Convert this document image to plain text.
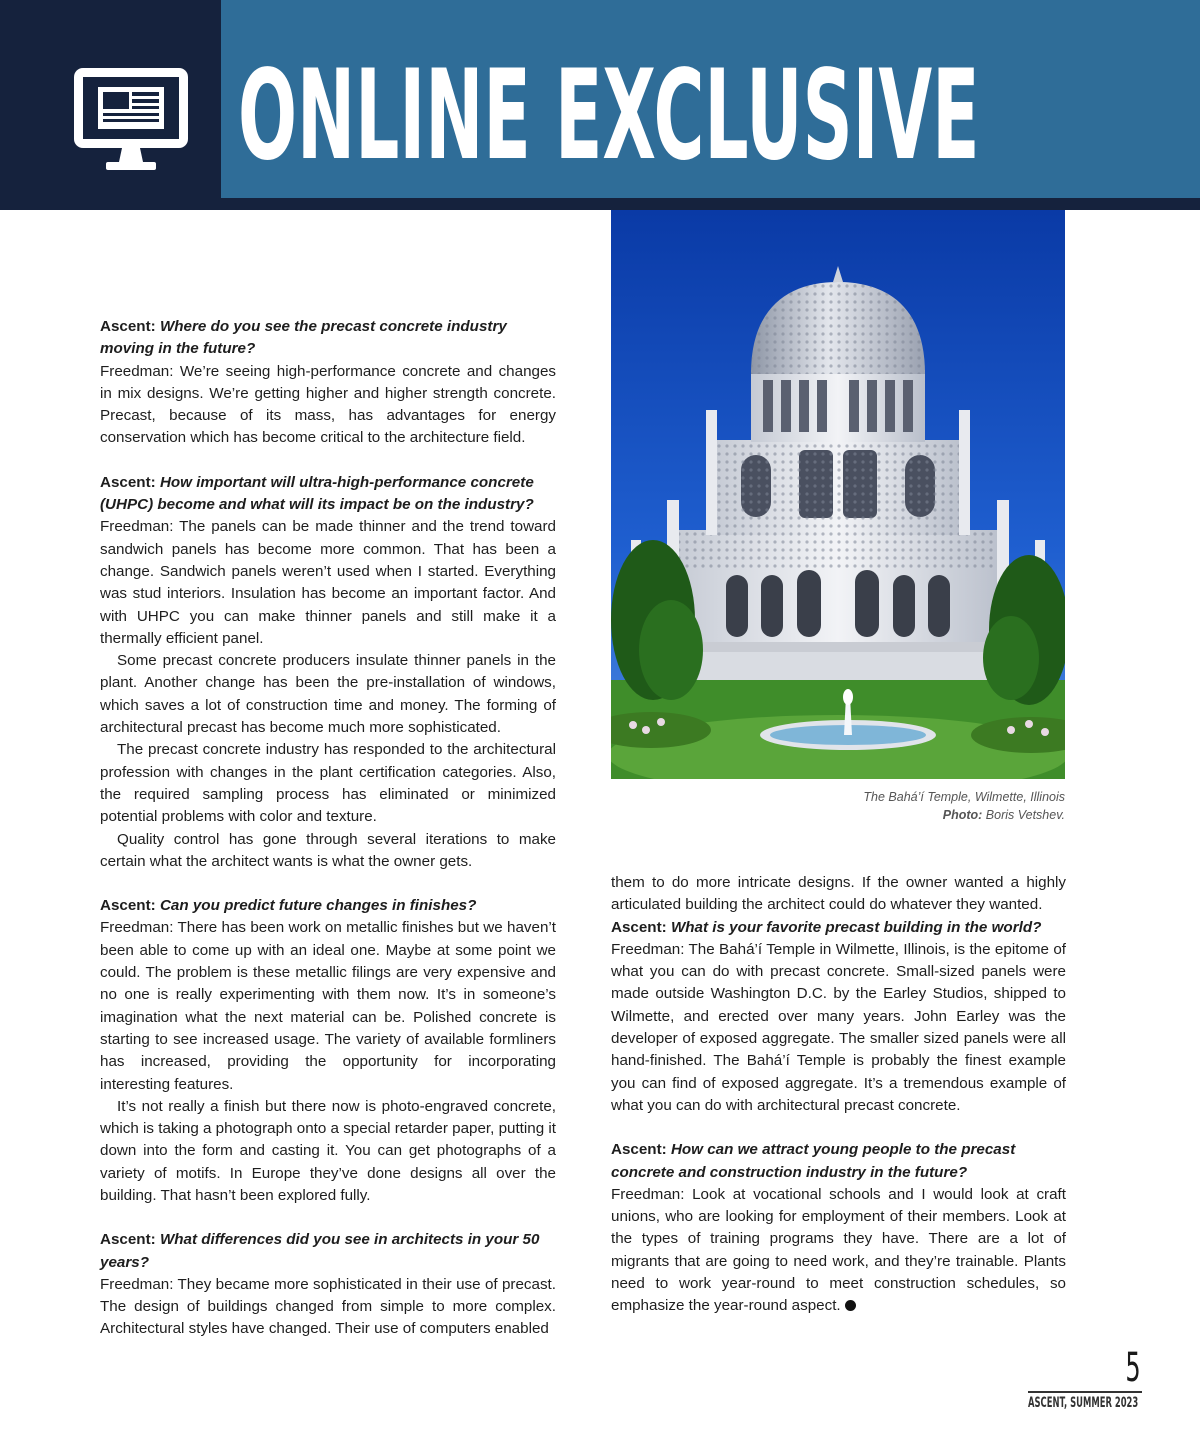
ONLINE EXCLUSIVE

Ascent: Where do you see the precast concrete industry moving in the future?

Freedman: We’re seeing high-performance concrete and changes in mix designs. We’re getting higher and higher strength concrete. Precast, because of its mass, has advantages for energy conservation which has become critical to the architecture field.

Ascent: How important will ultra-high-performance concrete (UHPC) become and what will its impact be on the industry?

Freedman: The panels can be made thinner and the trend toward sandwich panels has become more common. That has been a change. Sandwich panels weren’t used when I started. Everything was stud interiors. Insulation has become an important factor. And with UHPC you can make thinner panels and still make it a thermally efficient panel.

Some precast concrete producers insulate thinner panels in the plant. Another change has been the pre-installation of windows, which saves a lot of construction time and money. The forming of architectural precast has become much more sophisticated.

The precast concrete industry has responded to the architectural profession with changes in the plant certification categories. Also, the required sampling process has eliminated or minimized potential problems with color and texture.

Quality control has gone through several iterations to make certain what the architect wants is what the owner gets.

Ascent: Can you predict future changes in finishes?

Freedman: There has been work on metallic finishes but we haven’t been able to come up with an ideal one. Maybe at some point we could. The problem is these metallic filings are very expensive and no one is really experimenting with them now. It’s in someone’s imagination what the next material can be. Polished concrete is starting to see increased usage. The variety of available formliners has increased, providing the opportunity for incorporating interesting features.

It’s not really a finish but there now is photo-engraved concrete, which is taking a photograph onto a special retarder paper, putting it down into the form and casting it. You can get photographs of a variety of motifs. In Europe they’ve done designs all over the building. That hasn’t been explored fully.

Ascent: What differences did you see in architects in your 50 years?

Freedman: They became more sophisticated in their use of precast. The design of buildings changed from simple to more complex. Architectural styles have changed. Their use of computers enabled

The Bahá’í Temple, Wilmette, Illinois
Photo: Boris Vetshev.

them to do more intricate designs. If the owner wanted a highly articulated building the architect could do whatever they wanted.

Ascent: What is your favorite precast building in the world?

Freedman: The Bahá’í Temple in Wilmette, Illinois, is the epitome of what you can do with precast concrete. Small-sized panels were made outside Washington D.C. by the Earley Studios, shipped to Wilmette, and erected over many years. John Earley was the developer of exposed aggregate. The smaller sized panels were all hand-finished. The Bahá’í Temple is probably the finest example you can find of exposed aggregate. It’s a tremendous example of what you can do with architectural precast concrete.

Ascent: How can we attract young people to the precast concrete and construction industry in the future?

Freedman: Look at vocational schools and I would look at craft unions, who are looking for employment of their members. Look at the types of training programs they have. There are a lot of migrants that are going to need work, and they’re trainable. Plants need to work year-round to meet construction schedules, so emphasize the year-round aspect.

5
ASCENT, SUMMER 2023
